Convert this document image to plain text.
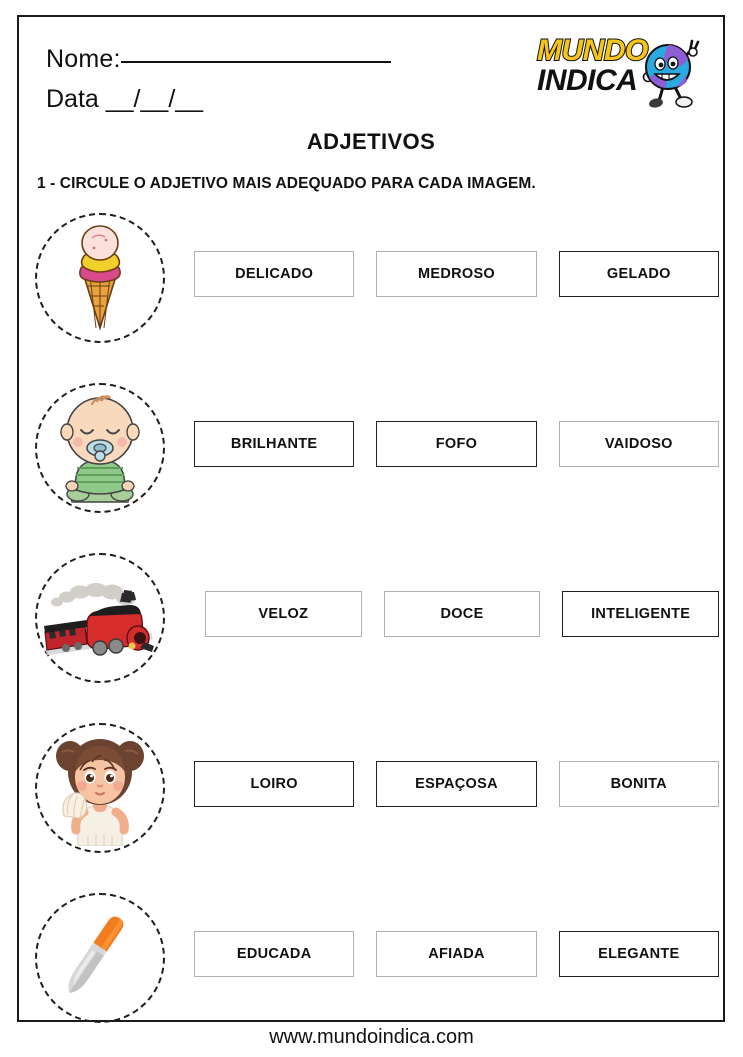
Nome:
Data __/__/__
MUNDO
INDICA
ADJETIVOS
1 - CIRCULE O ADJETIVO MAIS ADEQUADO PARA CADA IMAGEM.
DELICADO	MEDROSO	GELADO
BRILHANTE	FOFO	VAIDOSO
VELOZ	DOCE	INTELIGENTE
LOIRO	ESPAÇOSA	BONITA
EDUCADA	AFIADA	ELEGANTE
www.mundoindica.com
